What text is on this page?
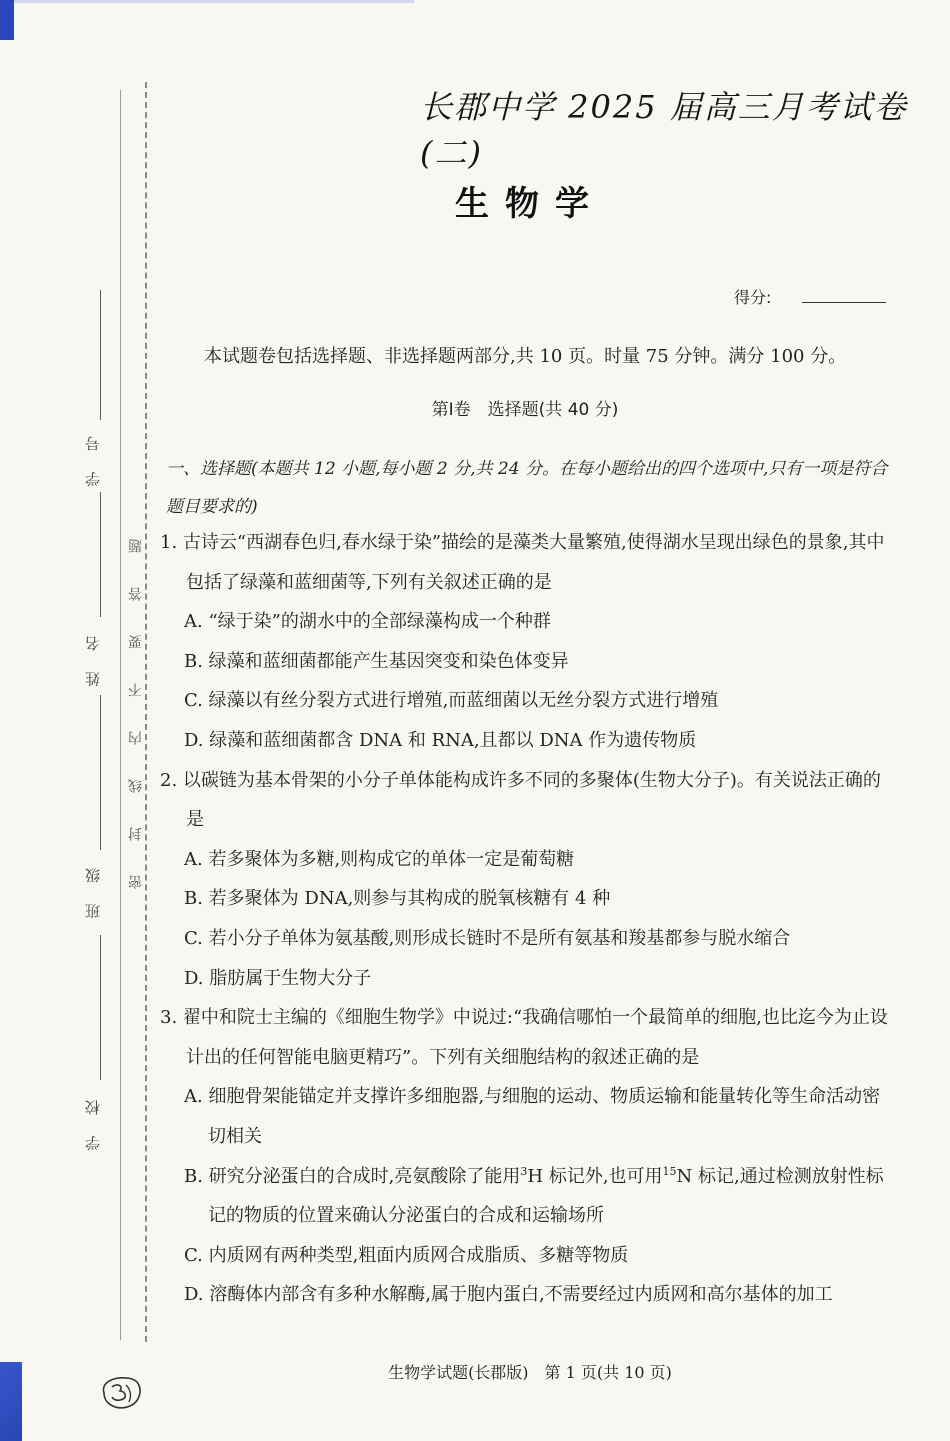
学 号
姓 名
班 级
学 校
密封线内不要答题
长郡中学 2025 届高三月考试卷(二)
生物学
得分:
本试题卷包括选择题、非选择题两部分,共 10 页。时量 75 分钟。满分 100 分。
第Ⅰ卷　选择题(共 40 分)
一、选择题(本题共 12 小题,每小题 2 分,共 24 分。在每小题给出的四个选项中,只有一项是符合题目要求的)

1. 古诗云“西湖春色归,春水绿于染”描绘的是藻类大量繁殖,使得湖水呈现出绿色的景象,其中包括了绿藻和蓝细菌等,下列有关叙述正确的是

A. “绿于染”的湖水中的全部绿藻构成一个种群

B. 绿藻和蓝细菌都能产生基因突变和染色体变异

C. 绿藻以有丝分裂方式进行增殖,而蓝细菌以无丝分裂方式进行增殖

D. 绿藻和蓝细菌都含 DNA 和 RNA,且都以 DNA 作为遗传物质

2. 以碳链为基本骨架的小分子单体能构成许多不同的多聚体(生物大分子)。有关说法正确的是

A. 若多聚体为多糖,则构成它的单体一定是葡萄糖

B. 若多聚体为 DNA,则参与其构成的脱氧核糖有 4 种

C. 若小分子单体为氨基酸,则形成长链时不是所有氨基和羧基都参与脱水缩合

D. 脂肪属于生物大分子

3. 翟中和院士主编的《细胞生物学》中说过:“我确信哪怕一个最简单的细胞,也比迄今为止设计出的任何智能电脑更精巧”。下列有关细胞结构的叙述正确的是

A. 细胞骨架能锚定并支撑许多细胞器,与细胞的运动、物质运输和能量转化等生命活动密切相关

B. 研究分泌蛋白的合成时,亮氨酸除了能用$^3$H 标记外,也可用$^{15}$N 标记,通过检测放射性标记的物质的位置来确认分泌蛋白的合成和运输场所

C. 内质网有两种类型,粗面内质网合成脂质、多糖等物质

D. 溶酶体内部含有多种水解酶,属于胞内蛋白,不需要经过内质网和高尔基体的加工

生物学试题(长郡版)　第 1 页(共 10 页)
